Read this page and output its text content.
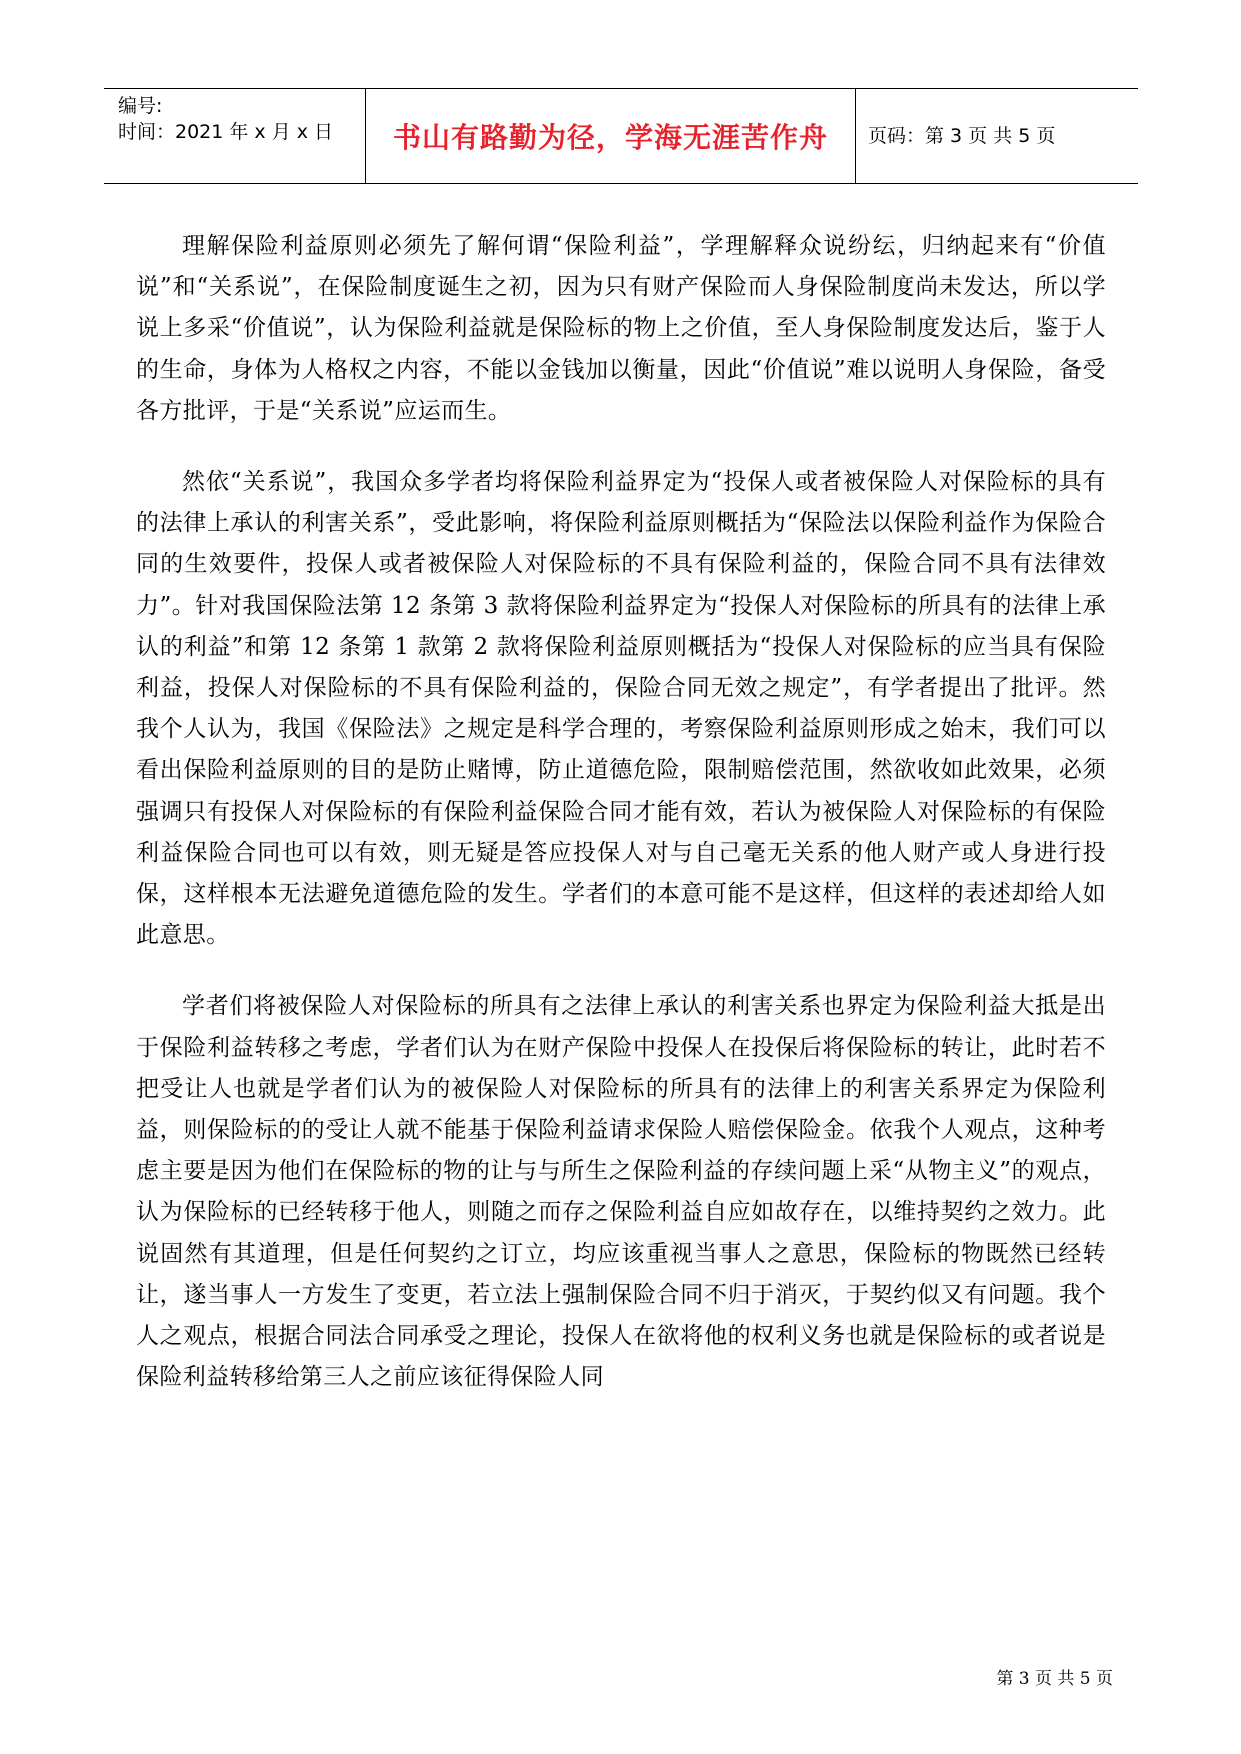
编号:
时间：2021 年 x 月 x 日 书山有路勤为径，学海无涯苦作舟 页码：第 3 页 共 5 页

理解保险利益原则必须先了解何谓“保险利益”，学理解释众说纷纭，归纳起来有“价值说”和“关系说”，在保险制度诞生之初，因为只有财产保险而人身保险制度尚未发达，所以学说上多采“价值说”，认为保险利益就是保险标的物上之价值，至人身保险制度发达后，鉴于人的生命，身体为人格权之内容，不能以金钱加以衡量，因此“价值说”难以说明人身保险，备受各方批评，于是“关系说”应运而生。

然依“关系说”，我国众多学者均将保险利益界定为“投保人或者被保险人对保险标的具有的法律上承认的利害关系”，受此影响，将保险利益原则概括为“保险法以保险利益作为保险合同的生效要件，投保人或者被保险人对保险标的不具有保险利益的，保险合同不具有法律效力”。针对我国保险法第 12 条第 3 款将保险利益界定为“投保人对保险标的所具有的法律上承认的利益”和第 12 条第 1 款第 2 款将保险利益原则概括为“投保人对保险标的应当具有保险利益，投保人对保险标的不具有保险利益的，保险合同无效之规定”，有学者提出了批评。然我个人认为，我国《保险法》之规定是科学合理的，考察保险利益原则形成之始末，我们可以看出保险利益原则的目的是防止赌博，防止道德危险，限制赔偿范围，然欲收如此效果，必须强调只有投保人对保险标的有保险利益保险合同才能有效，若认为被保险人对保险标的有保险利益保险合同也可以有效，则无疑是答应投保人对与自己毫无关系的他人财产或人身进行投保，这样根本无法避免道德危险的发生。学者们的本意可能不是这样，但这样的表述却给人如此意思。

学者们将被保险人对保险标的所具有之法律上承认的利害关系也界定为保险利益大抵是出于保险利益转移之考虑，学者们认为在财产保险中投保人在投保后将保险标的转让，此时若不把受让人也就是学者们认为的被保险人对保险标的所具有的法律上的利害关系界定为保险利益，则保险标的的受让人就不能基于保险利益请求保险人赔偿保险金。依我个人观点，这种考虑主要是因为他们在保险标的物的让与与所生之保险利益的存续问题上采“从物主义”的观点，认为保险标的已经转移于他人，则随之而存之保险利益自应如故存在，以维持契约之效力。此说固然有其道理，但是任何契约之订立，均应该重视当事人之意思，保险标的物既然已经转让，遂当事人一方发生了变更，若立法上强制保险合同不归于消灭，于契约似又有问题。我个人之观点，根据合同法合同承受之理论，投保人在欲将他的权利义务也就是保险标的或者说是保险利益转移给第三人之前应该征得保险人同

第 3 页 共 5 页
